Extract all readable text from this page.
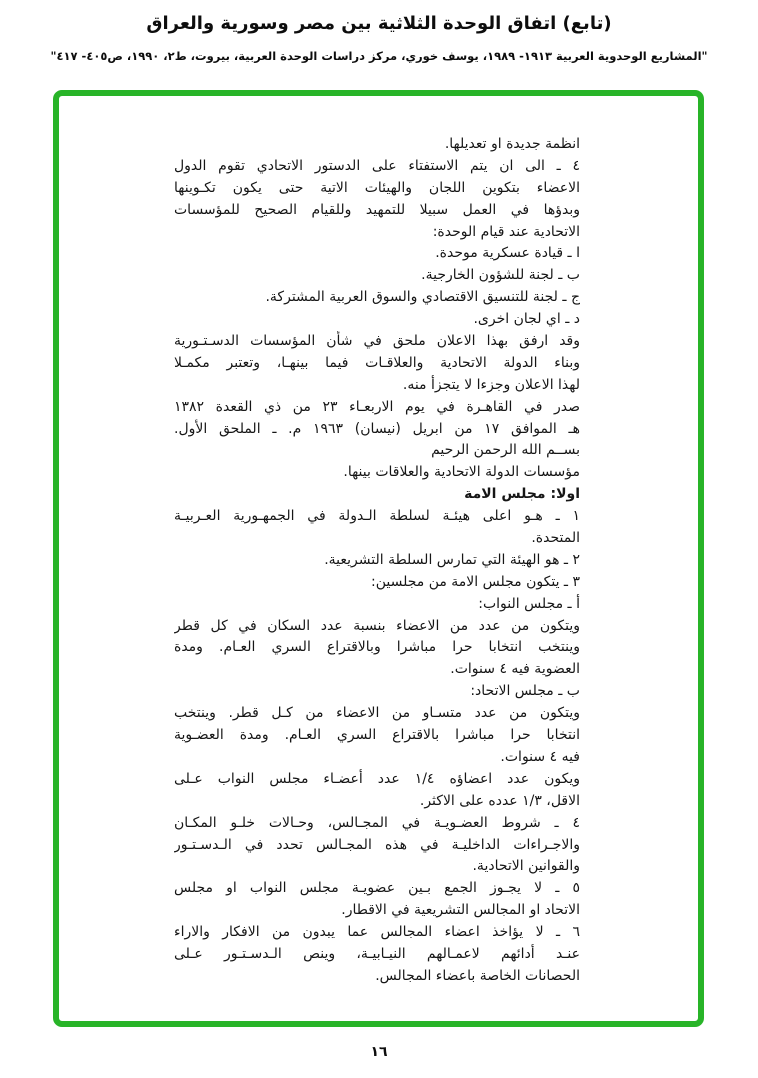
(تابع) اتفاق الوحدة الثلاثية بين مصر وسورية والعراق
"المشاريع الوحدوية العربية ١٩١٣- ١٩٨٩، يوسف خوري، مركز دراسات الوحدة العربية، بيروت، ط٢، ١٩٩٠، ص٤٠٥- ٤١٧"
انظمة جديدة او تعديلها.
٤ ـ الى ان يتم الاستفتاء على الدستور الاتحادي تقوم الدول
الاعضاء بتكوين اللجان والهيئات الاتية حتى يكون تكـوينها
وبدؤها في العمل سبيلا للتمهيد وللقيام الصحيح للمؤسسات
الاتحادية عند قيام الوحدة:
ا ـ قيادة عسكرية موحدة.
ب ـ لجنة للشؤون الخارجية.
ج ـ لجنة للتنسيق الاقتصادي والسوق العربية المشتركة.
د ـ اي لجان اخرى.
وقد ارفق بهذا الاعلان ملحق في شأن المؤسسات الدسـتـورية
وبناء الدولة الاتحادية والعلاقـات فيما بينهـا، وتعتبر مكمـلا
لهذا الاعلان وجزءا لا يتجزأ منه.
صدر في القاهـرة في يوم الاربعـاء ٢٣ من ذي القعدة ١٣٨٢
هـ الموافق ١٧ من ابريل (نيسان) ١٩٦٣ م. ـ الملحق الأول.
بســم الله الرحمن الرحيم
مؤسسات الدولة الاتحادية والعلاقات بينها.
اولا: مجلس الامة
١ ـ هـو اعلى هيئـة لسلطة الـدولة في الجمهـورية العـربيـة
المتحدة.
٢ ـ هو الهيئة التي تمارس السلطة التشريعية.
٣ ـ يتكون مجلس الامة من مجلسين:
أ ـ مجلس النواب:
ويتكون من عدد من الاعضاء بنسبة عدد السكان في كل قطر
وينتخب انتخابا حرا مباشرا وبالاقتراع السري العـام. ومدة
العضوية فيه ٤ سنوات.
ب ـ مجلس الاتحاد:
ويتكون من عدد متسـاو من الاعضاء من كـل قطر. وينتخب
انتخابا حرا مباشرا بالاقتراع السري العـام. ومدة العضـوية
فيه ٤ سنوات.
ويكون عدد اعضاؤه ١/٤ عدد أعضـاء مجلس النواب عـلى
الاقل، ١/٣ عدده على الاكثر.
٤ ـ شروط العضـويـة في المجـالس، وحـالات خلـو المكـان
والاجـراءات الداخليـة في هذه المجـالس تحدد في الـدسـتـور
والقوانين الاتحادية.
٥ ـ لا يجـوز الجمع بـين عضويـة مجلس النواب او مجلس
الاتحاد او المجالس التشريعية في الاقطار.
٦ ـ لا يؤاخذ اعضاء المجالس عما يبدون من الافكار والاراء
عنـد أدائهم لاعمـالهم النيـابيـة، وينص الـدسـتـور عـلى
الحصانات الخاصة باعضاء المجالس.
١٦
